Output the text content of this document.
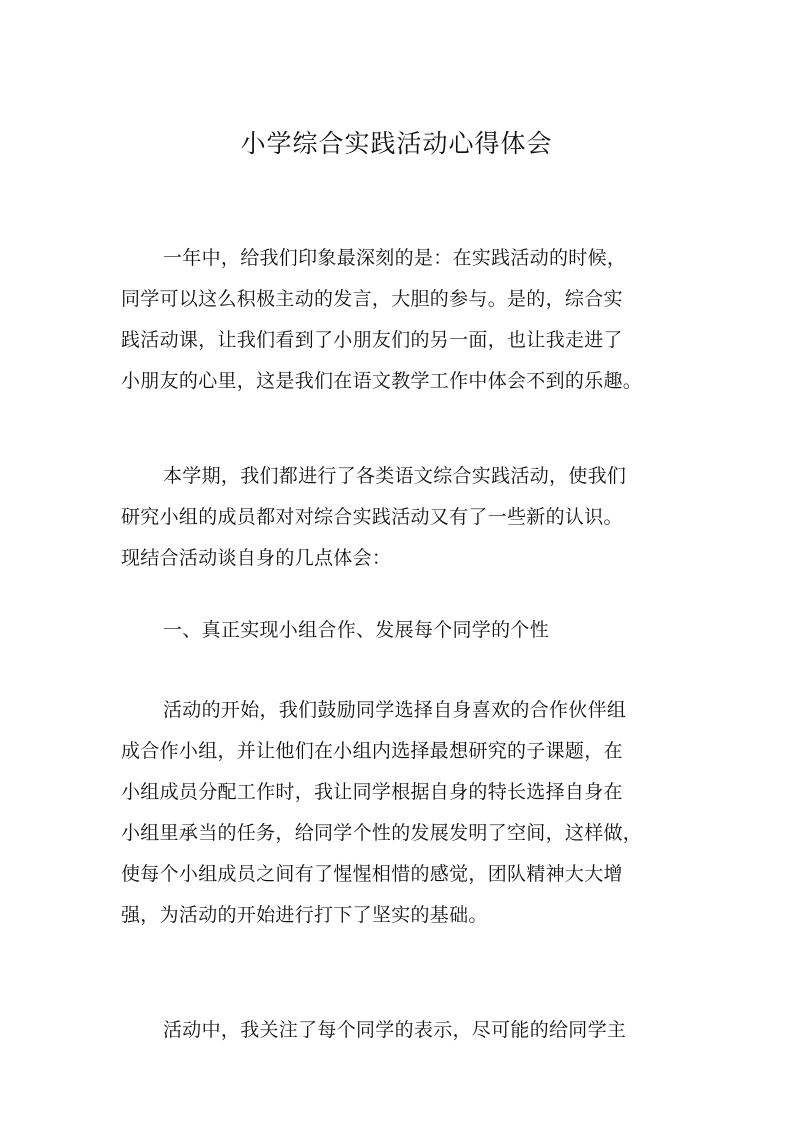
小学综合实践活动心得体会

一年中，给我们印象最深刻的是：在实践活动的时候，
同学可以这么积极主动的发言，大胆的参与。是的，综合实
践活动课，让我们看到了小朋友们的另一面，也让我走进了
小朋友的心里，这是我们在语文教学工作中体会不到的乐趣。

本学期，我们都进行了各类语文综合实践活动，使我们
研究小组的成员都对对综合实践活动又有了一些新的认识。
现结合活动谈自身的几点体会：

一、真正实现小组合作、发展每个同学的个性

活动的开始，我们鼓励同学选择自身喜欢的合作伙伴组
成合作小组，并让他们在小组内选择最想研究的子课题，在
小组成员分配工作时，我让同学根据自身的特长选择自身在
小组里承当的任务，给同学个性的发展发明了空间，这样做，
使每个小组成员之间有了惺惺相惜的感觉，团队精神大大增
强，为活动的开始进行打下了坚实的基础。

活动中，我关注了每个同学的表示，尽可能的给同学主
